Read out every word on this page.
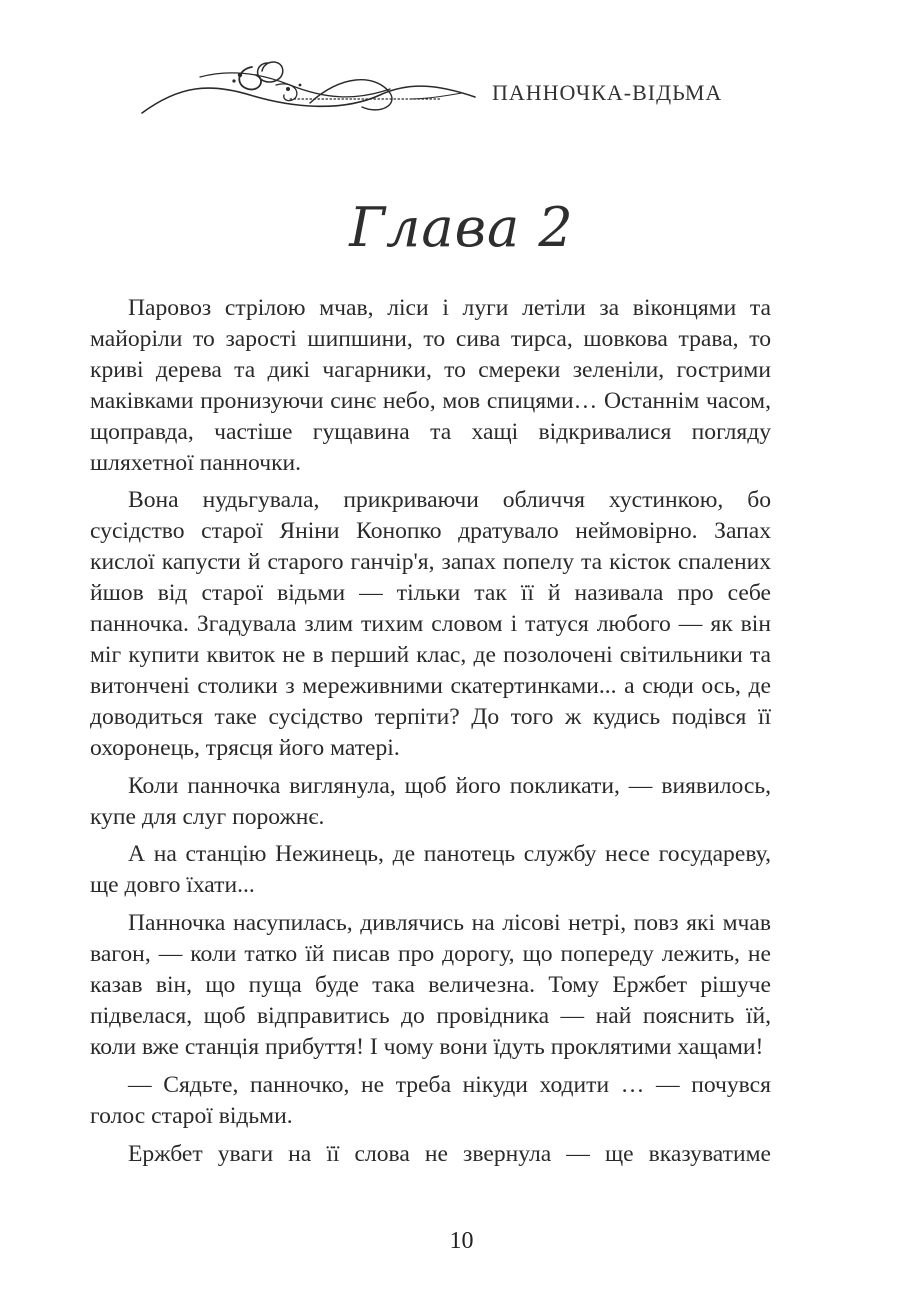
ПАННОЧКА-ВІДЬМА
Глава 2

Паровоз стрілою мчав, ліси і луги летіли за віконцями та майоріли то зарості шипшини, то сива тирса, шовкова трава, то криві дерева та дикі чагарники, то смереки зеленіли, гострими маківками пронизуючи синє небо, мов спицями… Останнім часом, щоправда, частіше гущавина та хащі відкривалися погляду шляхетної панночки.

Вона нудьгувала, прикриваючи обличчя хустинкою, бо сусідство старої Яніни Конопко дратувало неймовірно. Запах кислої капусти й старого ганчір'я, запах попелу та кісток спалених йшов від старої відьми — тільки так її й називала про себе панночка. Згадувала злим тихим словом і татуся любого — як він міг купити квиток не в перший клас, де позолочені світильники та витончені столики з мереживними скатертинками... а сюди ось, де доводиться таке сусідство терпіти? До того ж кудись подівся її охоронець, трясця його матері.

Коли панночка виглянула, щоб його покликати, — виявилось, купе для слуг порожнє.

А на станцію Нежинець, де панотець службу несе государеву, ще довго їхати...

Панночка насупилась, дивлячись на лісові нетрі, повз які мчав вагон, — коли татко їй писав про дорогу, що попереду лежить, не казав він, що пуща буде така величезна. Тому Ержбет рішуче підвелася, щоб відправитись до провідника — най пояснить їй, коли вже станція прибуття! І чому вони їдуть проклятими хащами!

— Сядьте, панночко, не треба нікуди ходити … — почувся голос старої відьми.

Ержбет уваги на її слова не звернула — ще вказуватиме

10
